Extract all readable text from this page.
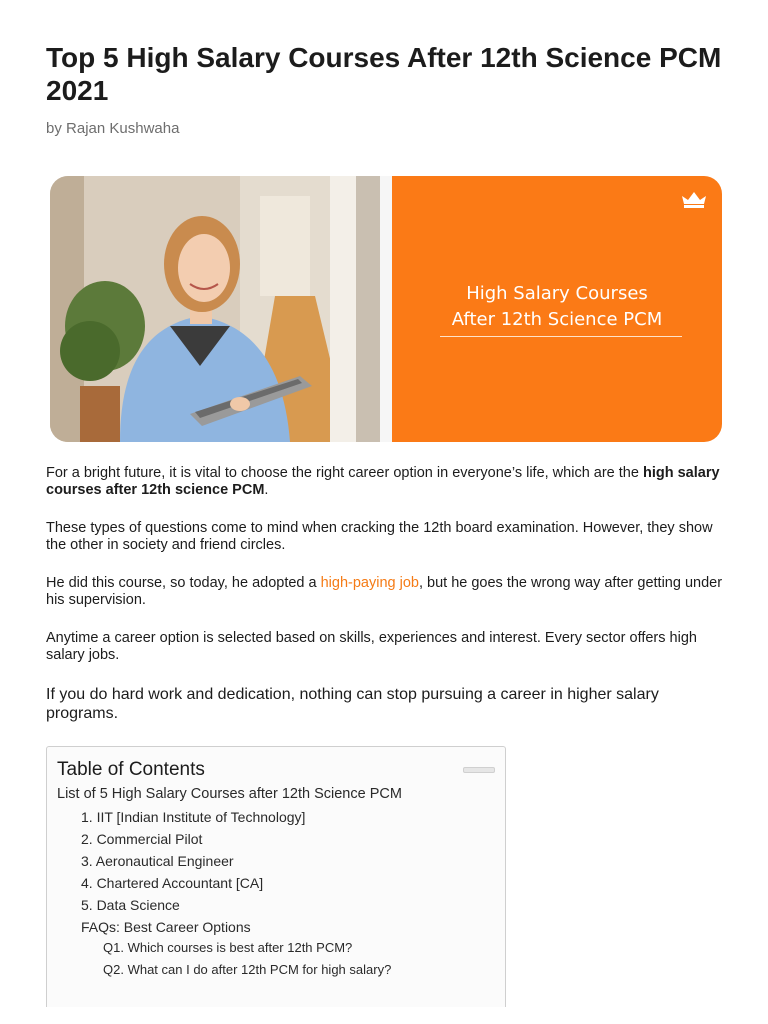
Top 5 High Salary Courses After 12th Science PCM 2021
by Rajan Kushwaha
High Salary Courses
After 12th Science PCM

For a bright future, it is vital to choose the right career option in everyone’s life, which are the high salary courses after 12th science PCM.

These types of questions come to mind when cracking the 12th board examination. However, they show the other in society and friend circles.

He did this course, so today, he adopted a high-paying job, but he goes the wrong way after getting under his supervision.

Anytime a career option is selected based on skills, experiences and interest. Every sector offers high salary jobs.

If you do hard work and dedication, nothing can stop pursuing a career in higher salary programs.

Table of Contents
List of 5 High Salary Courses after 12th Science PCM
1. IIT [Indian Institute of Technology]
2. Commercial Pilot
3. Aeronautical Engineer
4. Chartered Accountant [CA]
5. Data Science
FAQs: Best Career Options
Q1. Which courses is best after 12th PCM?
Q2. What can I do after 12th PCM for high salary?
